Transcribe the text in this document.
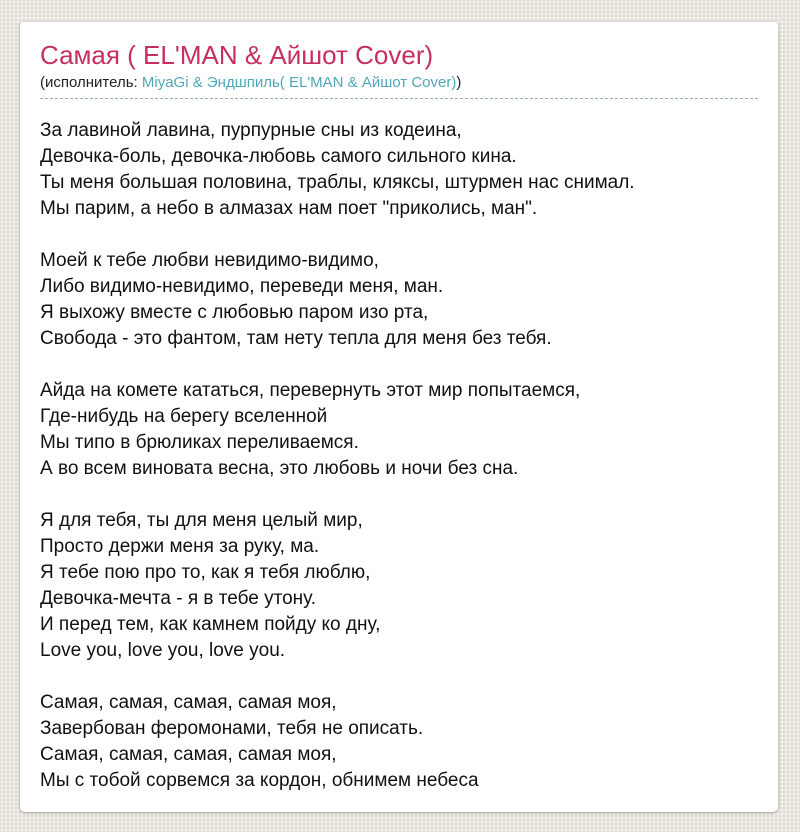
Самая ( EL'MAN & Айшот Cover)
(исполнитель: MiyaGi & Эндшпиль( EL'MAN & Айшот Cover))

За лавиной лавина, пурпурные сны из кодеина,
Девочка-боль, девочка-любовь самого сильного кина.
Ты меня большая половина, траблы, кляксы, штурмен нас снимал.
Мы парим, а небо в алмазах нам поет "приколись, ман".

Моей к тебе любви невидимо-видимо,
Либо видимо-невидимо, переведи меня, ман.
Я выхожу вместе с любовью паром изо рта,
Свобода - это фантом, там нету тепла для меня без тебя.

Айда на комете кататься, перевернуть этот мир попытаемся,
Где-нибудь на берегу вселенной
Мы типо в брюликах переливаемся.
А во всем виновата весна, это любовь и ночи без сна.

Я для тебя, ты для меня целый мир,
Просто держи меня за руку, ма.
Я тебе пою про то, как я тебя люблю,
Девочка-мечта - я в тебе утону.
И перед тем, как камнем пойду ко дну,
Love you, love you, love you.

Самая, самая, самая, самая моя,
Завербован феромонами, тебя не описать.
Самая, самая, самая, самая моя,
Мы с тобой сорвемся за кордон, обнимем небеса
